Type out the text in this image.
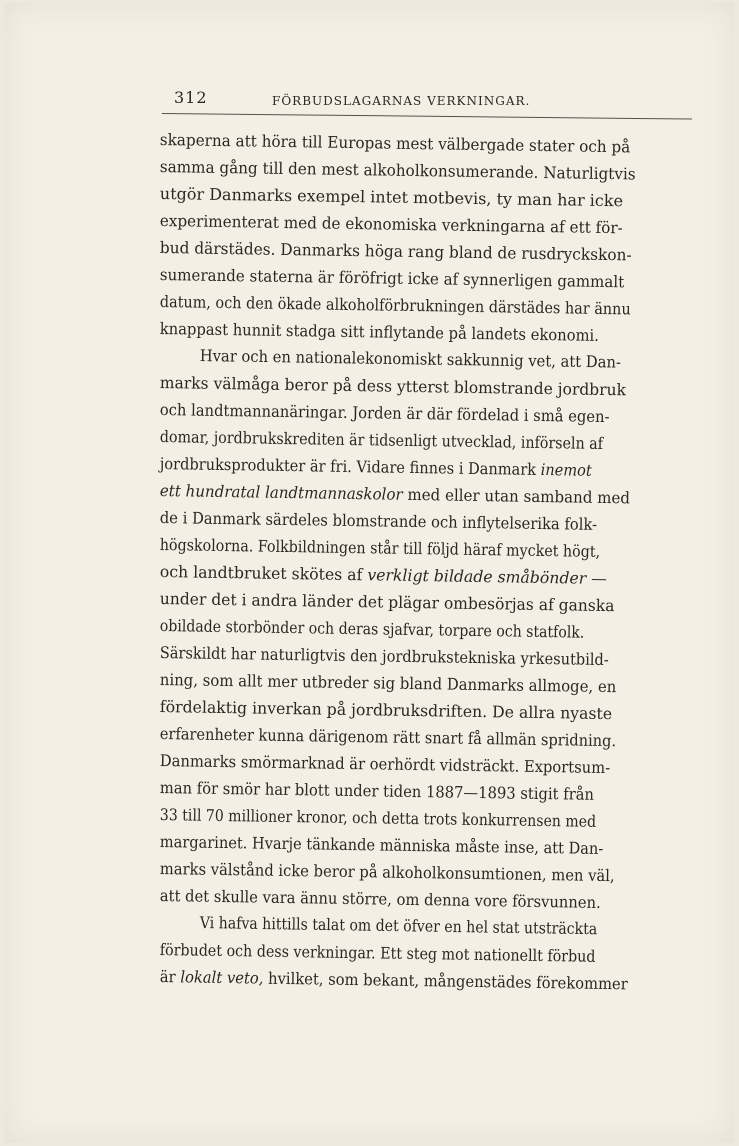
312	FÖRBUDSLAGARNAS VERKNINGAR.
skaperna att höra till Europas mest välbergade stater och på
samma gång till den mest alkoholkonsumerande. Naturligtvis
utgör Danmarks exempel intet motbevis, ty man har icke
experimenterat med de ekonomiska verkningarna af ett för-
bud därstädes. Danmarks höga rang bland de rusdryckskon-
sumerande staterna är föröfrigt icke af synnerligen gammalt
datum, och den ökade alkoholförbrukningen därstädes har ännu
knappast hunnit stadga sitt inflytande på landets ekonomi.
Hvar och en nationalekonomiskt sakkunnig vet, att Dan-
marks välmåga beror på dess ytterst blomstrande jordbruk
och landtmannanäringar. Jorden är där fördelad i små egen-
domar, jordbrukskrediten är tidsenligt utvecklad, införseln af
jordbruksprodukter är fri. Vidare finnes i Danmark inemot
ett hundratal landtmannaskolor med eller utan samband med
de i Danmark särdeles blomstrande och inflytelserika folk-
högskolorna. Folkbildningen står till följd häraf mycket högt,
och landtbruket skötes af verkligt bildade småbönder —
under det i andra länder det plägar ombesörjas af ganska
obildade storbönder och deras sjafvar, torpare och statfolk.
Särskildt har naturligtvis den jordbrukstekniska yrkesutbild-
ning, som allt mer utbreder sig bland Danmarks allmoge, en
fördelaktig inverkan på jordbruksdriften. De allra nyaste
erfarenheter kunna därigenom rätt snart få allmän spridning.
Danmarks smörmarknad är oerhördt vidsträckt. Exportsum-
man för smör har blott under tiden 1887—1893 stigit från
33 till 70 millioner kronor, och detta trots konkurrensen med
margarinet. Hvarje tänkande människa måste inse, att Dan-
marks välstånd icke beror på alkoholkonsumtionen, men väl,
att det skulle vara ännu större, om denna vore försvunnen.
Vi hafva hittills talat om det öfver en hel stat utsträckta
förbudet och dess verkningar. Ett steg mot nationellt förbud
är lokalt veto, hvilket, som bekant, mångenstädes förekommer
